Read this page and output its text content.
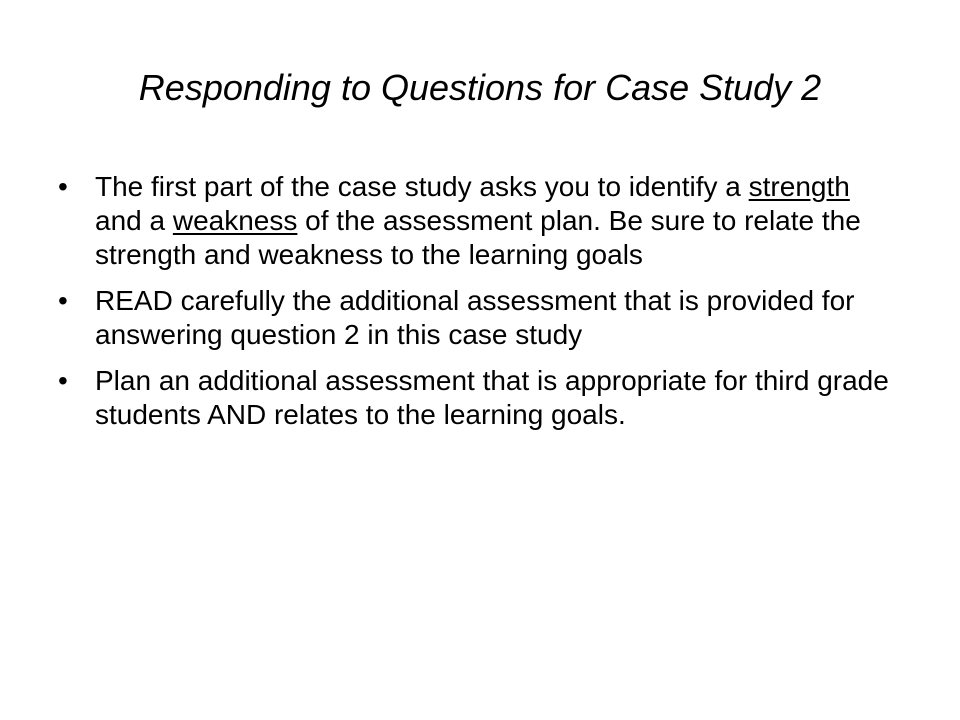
Responding to Questions for Case Study 2
• The first part of the case study asks you to identify a strength and a weakness of the assessment plan. Be sure to relate the strength and weakness to the learning goals
• READ carefully the additional assessment that is provided for answering question 2 in this case study
• Plan an additional assessment that is appropriate for third grade students AND relates to the learning goals.
